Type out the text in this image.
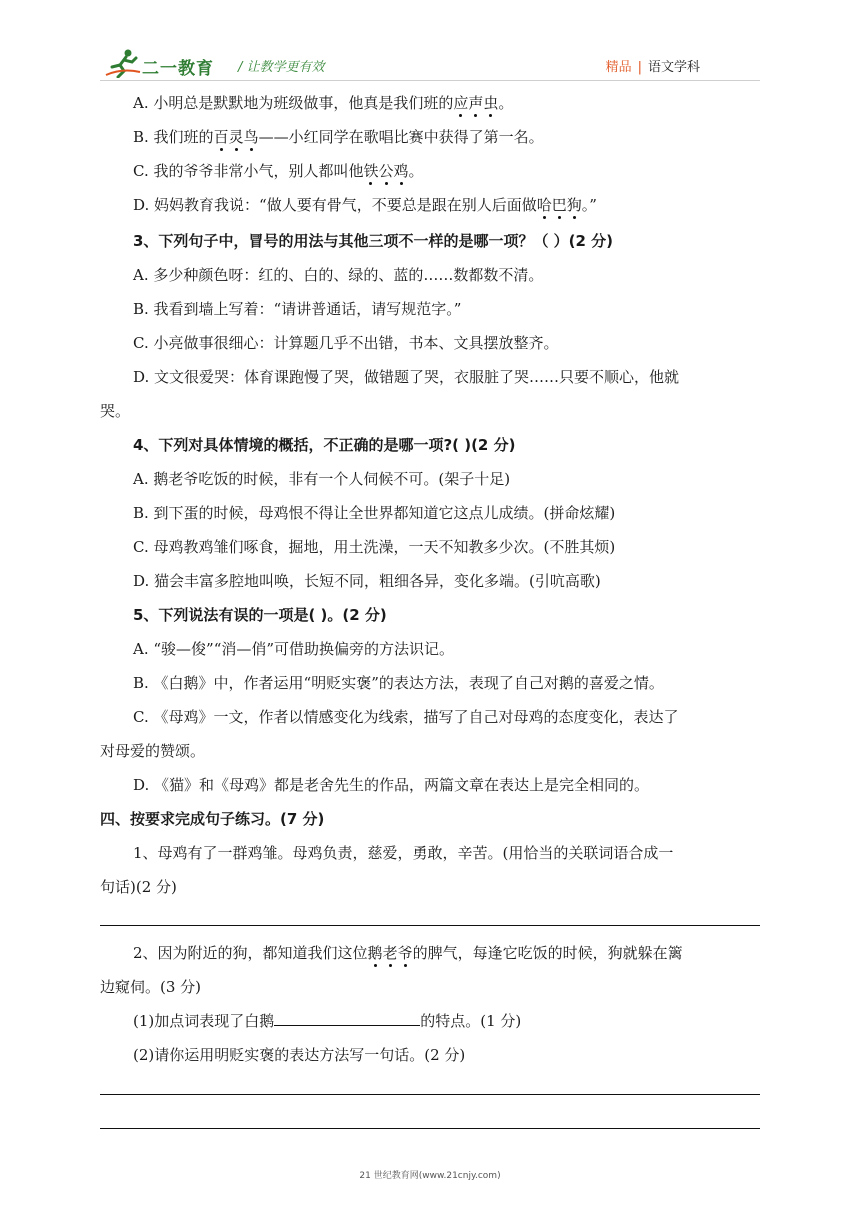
二一教育 / 让教学更有效	精品 | 语文学科
A. 小明总是默默地为班级做事，他真是我们班的应声虫。
B. 我们班的百灵鸟——小红同学在歌唱比赛中获得了第一名。
C. 我的爷爷非常小气，别人都叫他铁公鸡。
D. 妈妈教育我说：“做人要有骨气，不要总是跟在别人后面做哈巴狗。”
3、下列句子中，冒号的用法与其他三项不一样的是哪一项？（ ）(2 分)
A. 多少种颜色呀：红的、白的、绿的、蓝的……数都数不清。
B. 我看到墙上写着：“请讲普通话，请写规范字。”
C. 小亮做事很细心：计算题几乎不出错，书本、文具摆放整齐。
D. 文文很爱哭：体育课跑慢了哭，做错题了哭，衣服脏了哭……只要不顺心，他就
哭。
4、下列对具体情境的概括，不正确的是哪一项?( )(2 分)
A. 鹅老爷吃饭的时候，非有一个人伺候不可。(架子十足)
B. 到下蛋的时候，母鸡恨不得让全世界都知道它这点儿成绩。(拼命炫耀)
C. 母鸡教鸡雏们啄食，掘地，用土洗澡，一天不知教多少次。(不胜其烦)
D. 猫会丰富多腔地叫唤，长短不同，粗细各异，变化多端。(引吭高歌)
5、下列说法有误的一项是( )。(2 分)
A. “骏—俊”“消—俏”可借助换偏旁的方法识记。
B. 《白鹅》中，作者运用“明贬实褒”的表达方法，表现了自己对鹅的喜爱之情。
C. 《母鸡》一文，作者以情感变化为线索，描写了自己对母鸡的态度变化，表达了
对母爱的赞颂。
D. 《猫》和《母鸡》都是老舍先生的作品，两篇文章在表达上是完全相同的。
四、按要求完成句子练习。(7 分)
1、母鸡有了一群鸡雏。母鸡负责，慈爱，勇敢，辛苦。(用恰当的关联词语合成一
句话)(2 分)
2、因为附近的狗，都知道我们这位鹅老爷的脾气，每逢它吃饭的时候，狗就躲在篱
边窥伺。(3 分)
(1)加点词表现了白鹅	的特点。(1 分)
(2)请你运用明贬实褒的表达方法写一句话。(2 分)
21 世纪教育网(www.21cnjy.com)
